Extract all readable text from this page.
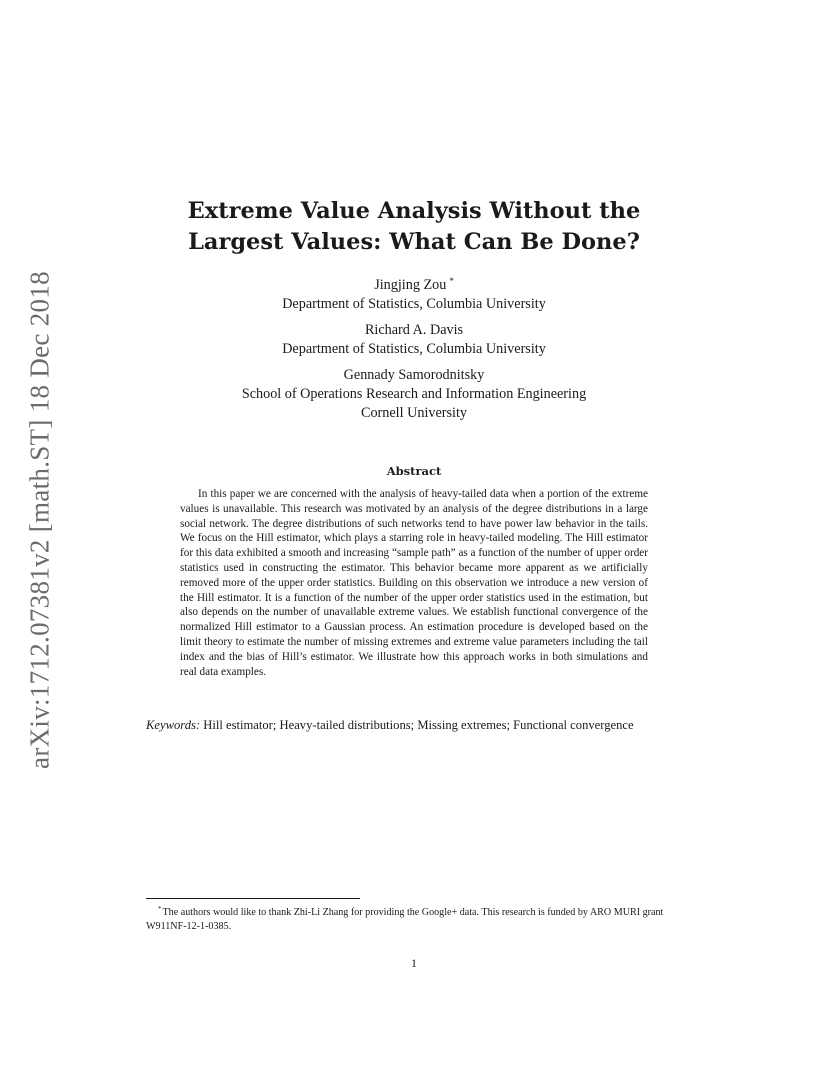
arXiv:1712.07381v2 [math.ST] 18 Dec 2018
Extreme Value Analysis Without the Largest Values: What Can Be Done?
Jingjing Zou *
Department of Statistics, Columbia University
Richard A. Davis
Department of Statistics, Columbia University
Gennady Samorodnitsky
School of Operations Research and Information Engineering
Cornell University
Abstract

In this paper we are concerned with the analysis of heavy-tailed data when a portion of the extreme values is unavailable. This research was motivated by an analysis of the degree distributions in a large social network. The degree distributions of such networks tend to have power law behavior in the tails. We focus on the Hill estimator, which plays a starring role in heavy-tailed modeling. The Hill estimator for this data exhibited a smooth and increasing “sample path” as a function of the number of upper order statistics used in constructing the estimator. This behavior became more apparent as we artificially removed more of the upper order statistics. Building on this observation we introduce a new version of the Hill estimator. It is a function of the number of the upper order statistics used in the estimation, but also depends on the number of unavailable extreme values. We establish functional convergence of the normalized Hill estimator to a Gaussian process. An estimation procedure is developed based on the limit theory to estimate the number of missing extremes and extreme value parameters including the tail index and the bias of Hill’s estimator. We illustrate how this approach works in both simulations and real data examples.

Keywords: Hill estimator; Heavy-tailed distributions; Missing extremes; Functional convergence

*The authors would like to thank Zhi-Li Zhang for providing the Google+ data. This research is funded by ARO MURI grant W911NF-12-1-0385.

1
